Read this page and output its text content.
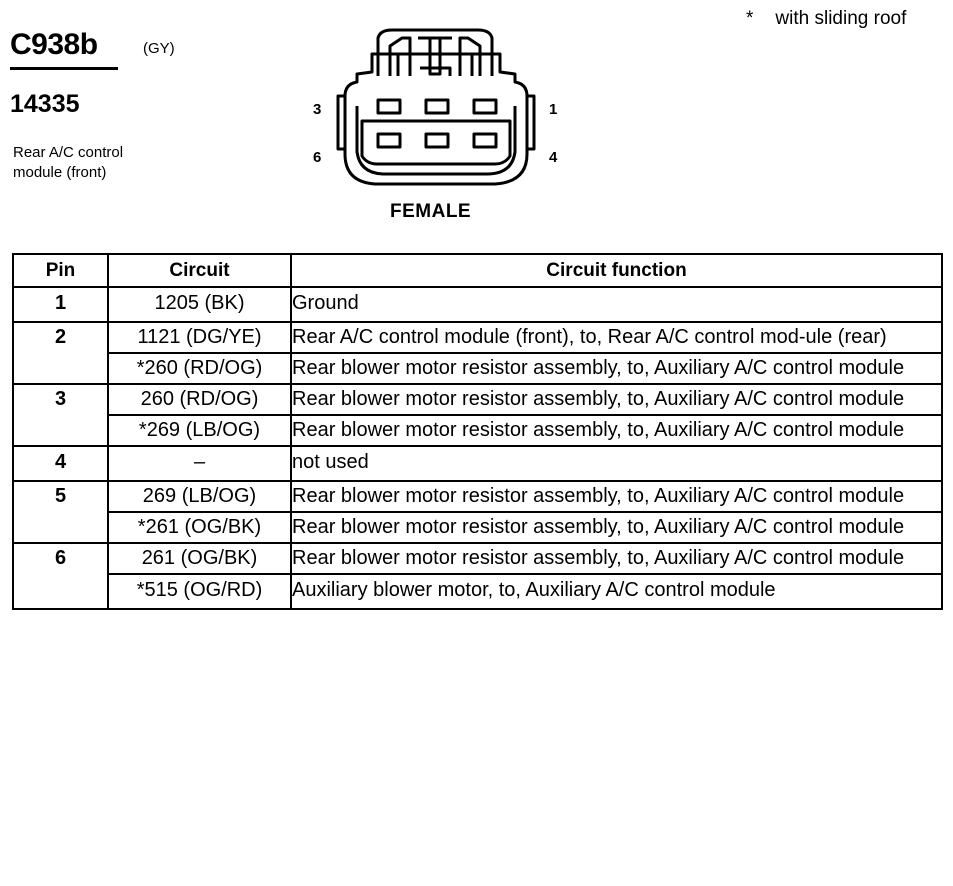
* with sliding roof
C938b	(GY)
14335
Rear A/C control module (front)
3	1
6	4
FEMALE
Pin	Circuit	Circuit function
1	1205 (BK)	Ground
2	1121 (DG/YE)	Rear A/C control module (front), to, Rear A/C control mod-ule (rear)
	*260 (RD/OG)	Rear blower motor resistor assembly, to, Auxiliary A/C control module
3	260 (RD/OG)	Rear blower motor resistor assembly, to, Auxiliary A/C control module
	*269 (LB/OG)	Rear blower motor resistor assembly, to, Auxiliary A/C control module
4	–	not used
5	269 (LB/OG)	Rear blower motor resistor assembly, to, Auxiliary A/C control module
	*261 (OG/BK)	Rear blower motor resistor assembly, to, Auxiliary A/C control module
6	261 (OG/BK)	Rear blower motor resistor assembly, to, Auxiliary A/C control module
	*515 (OG/RD)	Auxiliary blower motor, to, Auxiliary A/C control module
